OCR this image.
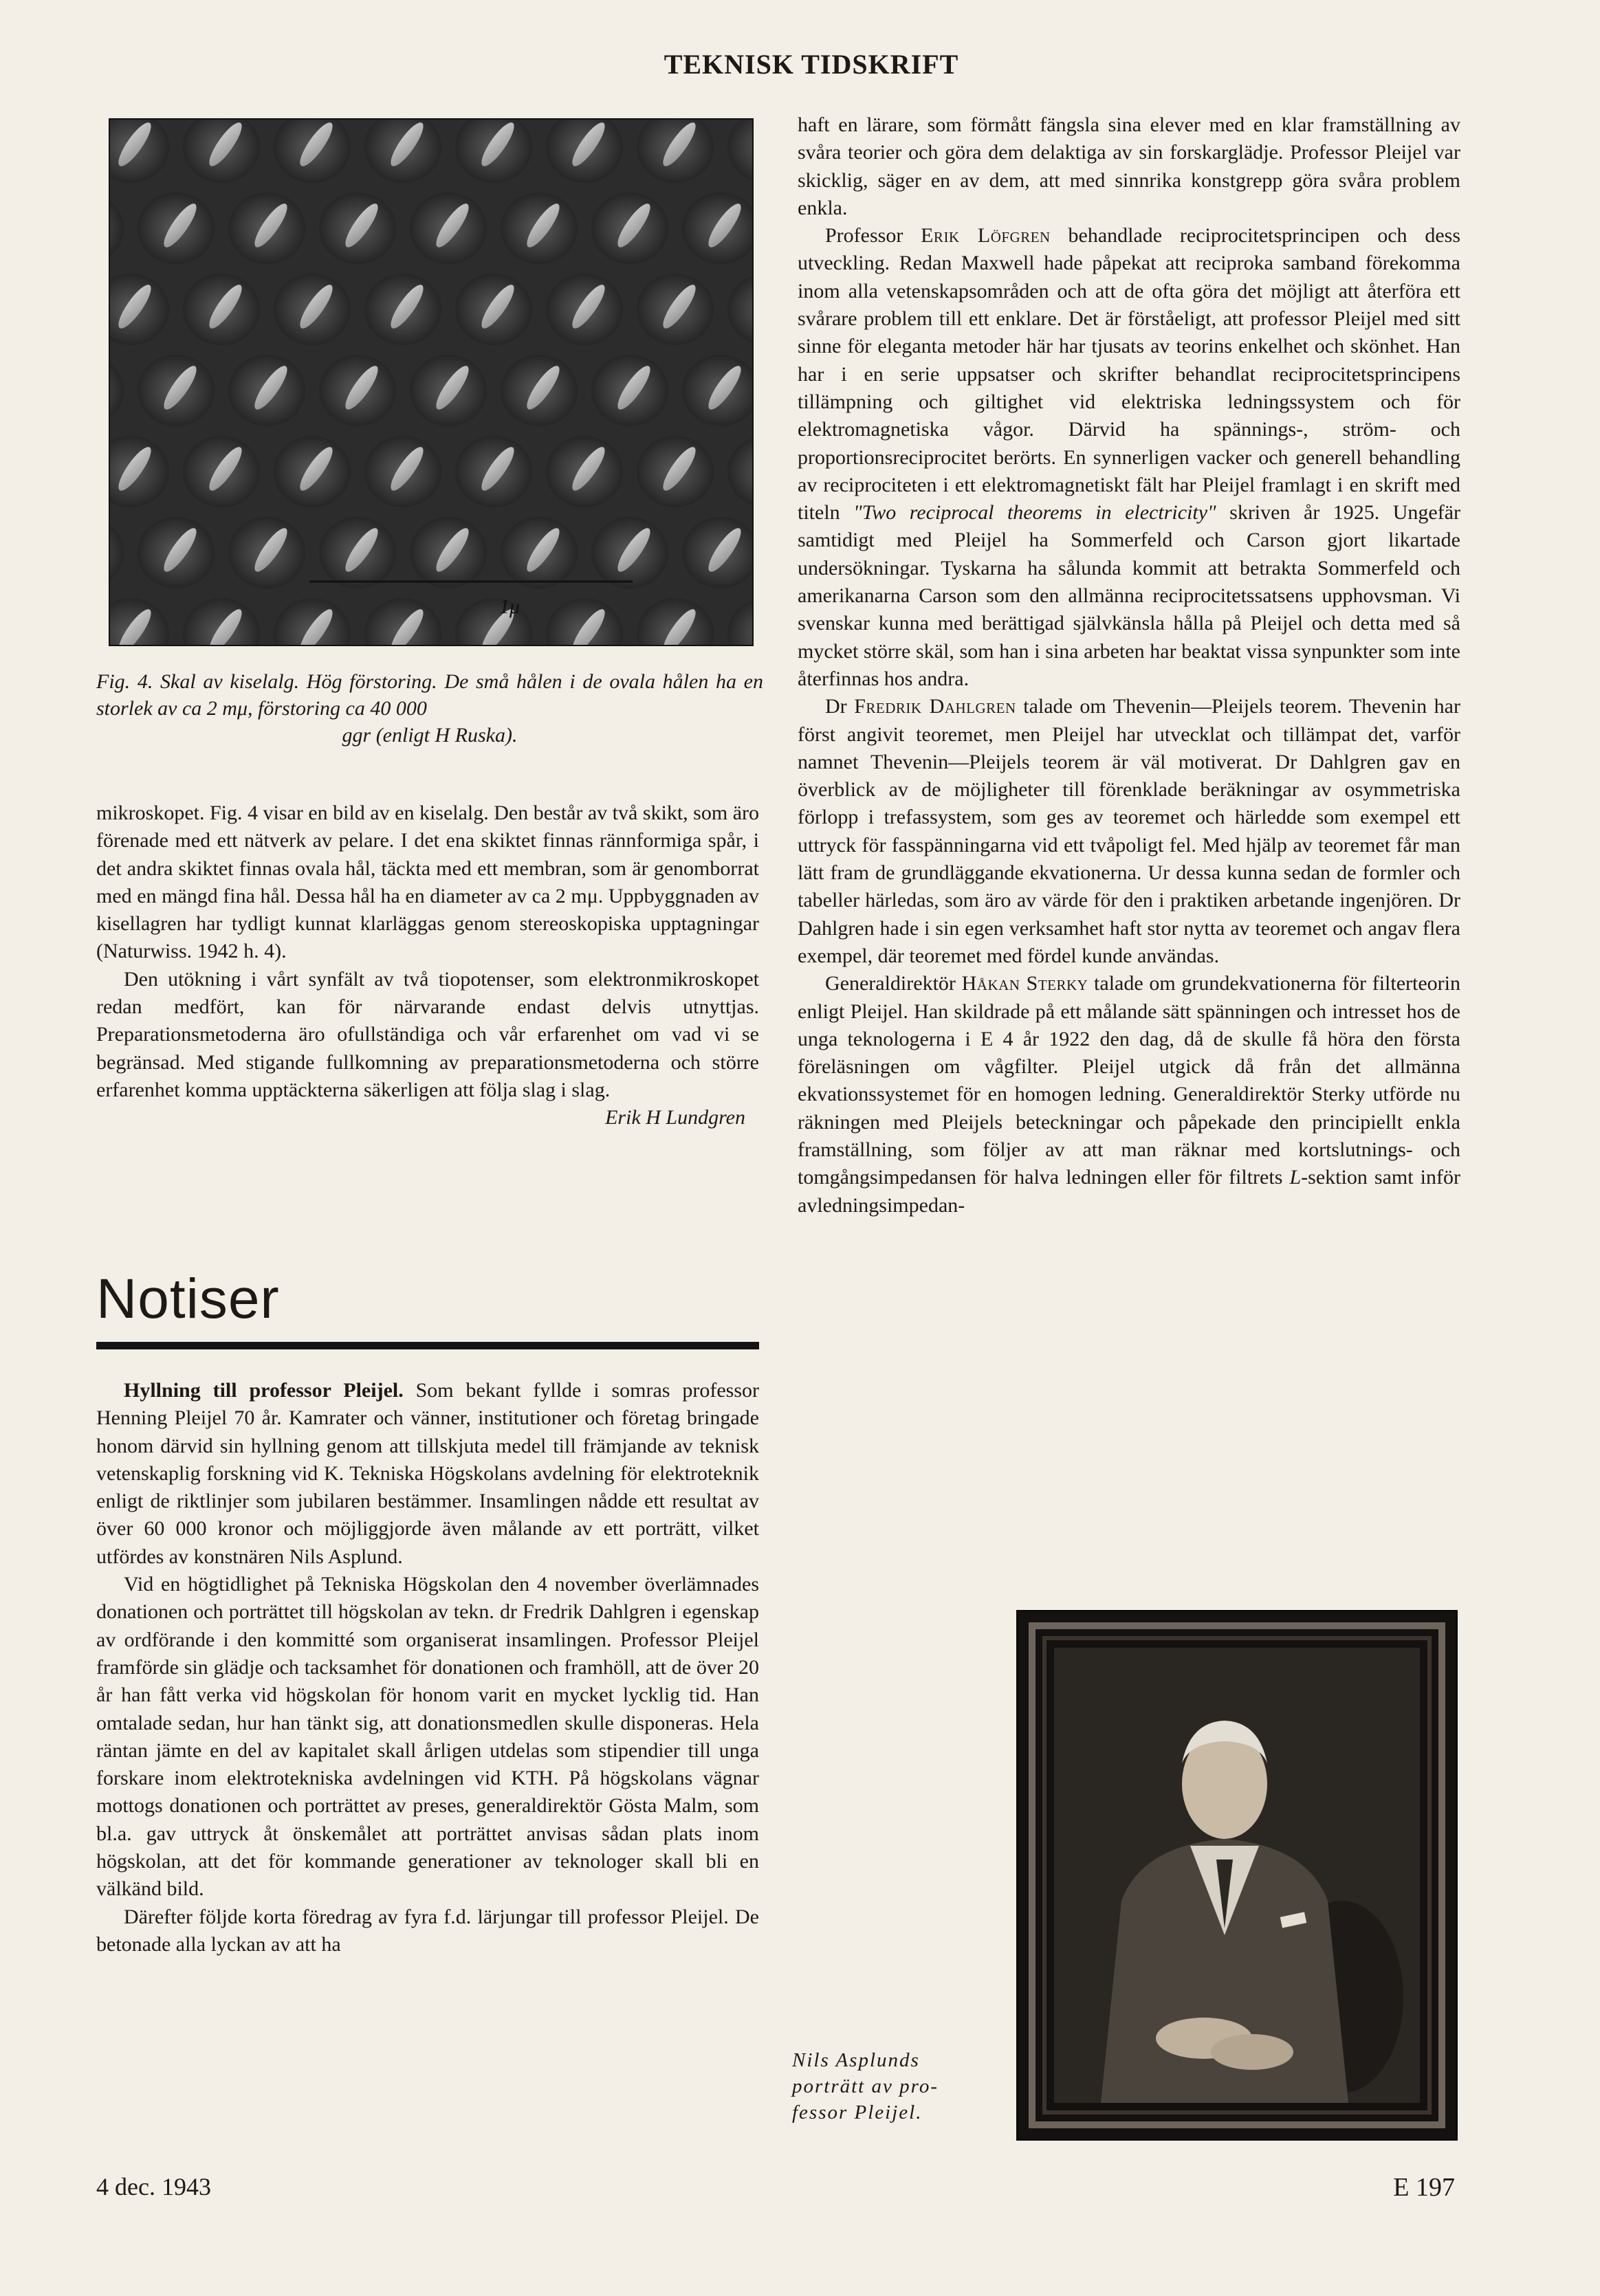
TEKNISK TIDSKRIFT
1μ
Fig. 4. Skal av kiselalg. Hög förstoring. De små hålen i de ovala hålen ha en storlek av ca 2 mμ, förstoring ca 40 000
ggr (enligt H Ruska).

mikroskopet. Fig. 4 visar en bild av en kiselalg. Den består av två skikt, som äro förenade med ett nätverk av pelare. I det ena skiktet finnas rännformiga spår, i det andra skiktet finnas ovala hål, täckta med ett membran, som är genomborrat med en mängd fina hål. Dessa hål ha en diameter av ca 2 mμ. Uppbyggnaden av kisellagren har tydligt kunnat klarläggas genom stereoskopiska upptagningar (Naturwiss. 1942 h. 4).

Den utökning i vårt synfält av två tiopotenser, som elektronmikroskopet redan medfört, kan för närvarande endast delvis utnyttjas. Preparationsmetoderna äro ofullständiga och vår erfarenhet om vad vi se begränsad. Med stigande fullkomning av preparationsmetoderna och större erfarenhet komma upptäckterna säkerligen att följa slag i slag.
Erik H Lundgren

Notiser

Hyllning till professor Pleijel. Som bekant fyllde i somras professor Henning Pleijel 70 år. Kamrater och vänner, institutioner och företag bringade honom därvid sin hyllning genom att tillskjuta medel till främjande av teknisk vetenskaplig forskning vid K. Tekniska Högskolans avdelning för elektroteknik enligt de riktlinjer som jubilaren bestämmer. Insamlingen nådde ett resultat av över 60 000 kronor och möjliggjorde även målande av ett porträtt, vilket utfördes av konstnären Nils Asplund.

Vid en högtidlighet på Tekniska Högskolan den 4 november överlämnades donationen och porträttet till högskolan av tekn. dr Fredrik Dahlgren i egenskap av ordförande i den kommitté som organiserat insamlingen. Professor Pleijel framförde sin glädje och tacksamhet för donationen och framhöll, att de över 20 år han fått verka vid högskolan för honom varit en mycket lycklig tid. Han omtalade sedan, hur han tänkt sig, att donationsmedlen skulle disponeras. Hela räntan jämte en del av kapitalet skall årligen utdelas som stipendier till unga forskare inom elektrotekniska avdelningen vid KTH. På högskolans vägnar mottogs donationen och porträttet av preses, generaldirektör Gösta Malm, som bl.a. gav uttryck åt önskemålet att porträttet anvisas sådan plats inom högskolan, att det för kommande generationer av teknologer skall bli en välkänd bild.

Därefter följde korta föredrag av fyra f.d. lärjungar till professor Pleijel. De betonade alla lyckan av att ha

haft en lärare, som förmått fängsla sina elever med en klar framställning av svåra teorier och göra dem delaktiga av sin forskarglädje. Professor Pleijel var skicklig, säger en av dem, att med sinnrika konstgrepp göra svåra problem enkla.

Professor Erik Löfgren behandlade reciprocitetsprincipen och dess utveckling. Redan Maxwell hade påpekat att reciproka samband förekomma inom alla vetenskapsområden och att de ofta göra det möjligt att återföra ett svårare problem till ett enklare. Det är förståeligt, att professor Pleijel med sitt sinne för eleganta metoder här har tjusats av teorins enkelhet och skönhet. Han har i en serie uppsatser och skrifter behandlat reciprocitetsprincipens tillämpning och giltighet vid elektriska ledningssystem och för elektromagnetiska vågor. Därvid ha spännings-, ström- och proportionsreciprocitet berörts. En synnerligen vacker och generell behandling av reciprociteten i ett elektromagnetiskt fält har Pleijel framlagt i en skrift med titeln "Two reciprocal theorems in electricity" skriven år 1925. Ungefär samtidigt med Pleijel ha Sommerfeld och Carson gjort likartade undersökningar. Tyskarna ha sålunda kommit att betrakta Sommerfeld och amerikanarna Carson som den allmänna reciprocitetssatsens upphovsman. Vi svenskar kunna med berättigad självkänsla hålla på Pleijel och detta med så mycket större skäl, som han i sina arbeten har beaktat vissa synpunkter som inte återfinnas hos andra.

Dr Fredrik Dahlgren talade om Thevenin—Pleijels teorem. Thevenin har först angivit teoremet, men Pleijel har utvecklat och tillämpat det, varför namnet Thevenin—Pleijels teorem är väl motiverat. Dr Dahlgren gav en överblick av de möjligheter till förenklade beräkningar av osymmetriska förlopp i trefassystem, som ges av teoremet och härledde som exempel ett uttryck för fasspänningarna vid ett tvåpoligt fel. Med hjälp av teoremet får man lätt fram de grundläggande ekvationerna. Ur dessa kunna sedan de formler och tabeller härledas, som äro av värde för den i praktiken arbetande ingenjören. Dr Dahlgren hade i sin egen verksamhet haft stor nytta av teoremet och angav flera exempel, där teoremet med fördel kunde användas.

Generaldirektör Håkan Sterky talade om grundekvationerna för filterteorin enligt Pleijel. Han skildrade på ett målande sätt spänningen och intresset hos de unga teknologerna i E 4 år 1922 den dag, då de skulle få höra den första föreläsningen om vågfilter. Pleijel utgick då från det allmänna ekvationssystemet för en homogen ledning. Generaldirektör Sterky utförde nu räkningen med Pleijels beteckningar och påpekade den principiellt enkla framställning, som följer av att man räknar med kortslutnings- och tomgångsimpedansen för halva ledningen eller för filtrets L-sektion samt inför avledningsimpedan-

Nils Asplunds
porträtt av pro-
fessor Pleijel.
4 dec. 1943	E 197
